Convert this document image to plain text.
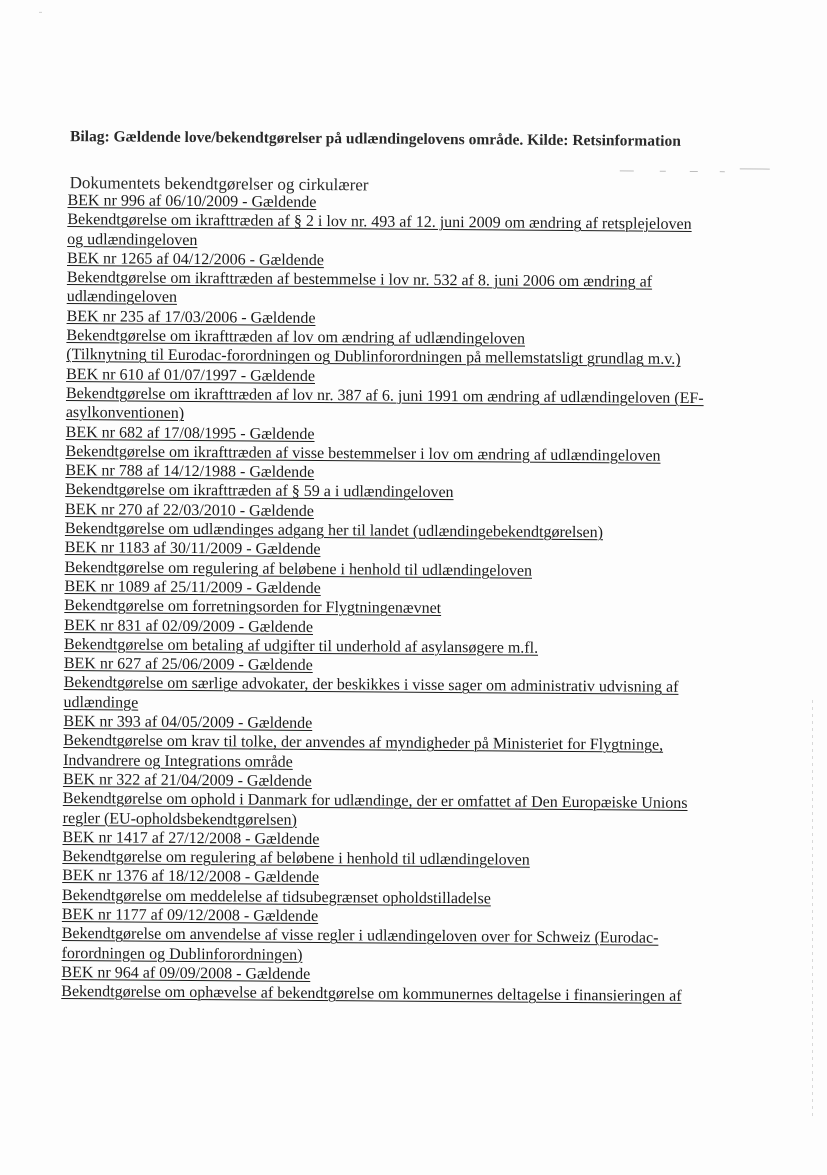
Bilag: Gældende love/bekendtgørelser på udlændingelovens område. Kilde: Retsinformation
Dokumentets bekendtgørelser og cirkulærer
BEK nr 996 af 06/10/2009 - Gældende
Bekendtgørelse om ikrafttræden af § 2 i lov nr. 493 af 12. juni 2009 om ændring af retsplejeloven
og udlændingeloven
BEK nr 1265 af 04/12/2006 - Gældende
Bekendtgørelse om ikrafttræden af bestemmelse i lov nr. 532 af 8. juni 2006 om ændring af
udlændingeloven
BEK nr 235 af 17/03/2006 - Gældende
Bekendtgørelse om ikrafttræden af lov om ændring af udlændingeloven
(Tilknytning til Eurodac-forordningen og Dublinforordningen på mellemstatsligt grundlag m.v.)
BEK nr 610 af 01/07/1997 - Gældende
Bekendtgørelse om ikrafttræden af lov nr. 387 af 6. juni 1991 om ændring af udlændingeloven (EF-
asylkonventionen)
BEK nr 682 af 17/08/1995 - Gældende
Bekendtgørelse om ikrafttræden af visse bestemmelser i lov om ændring af udlændingeloven
BEK nr 788 af 14/12/1988 - Gældende
Bekendtgørelse om ikrafttræden af § 59 a i udlændingeloven
BEK nr 270 af 22/03/2010 - Gældende
Bekendtgørelse om udlændinges adgang her til landet (udlændingebekendtgørelsen)
BEK nr 1183 af 30/11/2009 - Gældende
Bekendtgørelse om regulering af beløbene i henhold til udlændingeloven
BEK nr 1089 af 25/11/2009 - Gældende
Bekendtgørelse om forretningsorden for Flygtningenævnet
BEK nr 831 af 02/09/2009 - Gældende
Bekendtgørelse om betaling af udgifter til underhold af asylansøgere m.fl.
BEK nr 627 af 25/06/2009 - Gældende
Bekendtgørelse om særlige advokater, der beskikkes i visse sager om administrativ udvisning af
udlændinge
BEK nr 393 af 04/05/2009 - Gældende
Bekendtgørelse om krav til tolke, der anvendes af myndigheder på Ministeriet for Flygtninge,
Indvandrere og Integrations område
BEK nr 322 af 21/04/2009 - Gældende
Bekendtgørelse om ophold i Danmark for udlændinge, der er omfattet af Den Europæiske Unions
regler (EU-opholdsbekendtgørelsen)
BEK nr 1417 af 27/12/2008 - Gældende
Bekendtgørelse om regulering af beløbene i henhold til udlændingeloven
BEK nr 1376 af 18/12/2008 - Gældende
Bekendtgørelse om meddelelse af tidsubegrænset opholdstilladelse
BEK nr 1177 af 09/12/2008 - Gældende
Bekendtgørelse om anvendelse af visse regler i udlændingeloven over for Schweiz (Eurodac-
forordningen og Dublinforordningen)
BEK nr 964 af 09/09/2008 - Gældende
Bekendtgørelse om ophævelse af bekendtgørelse om kommunernes deltagelse i finansieringen af
